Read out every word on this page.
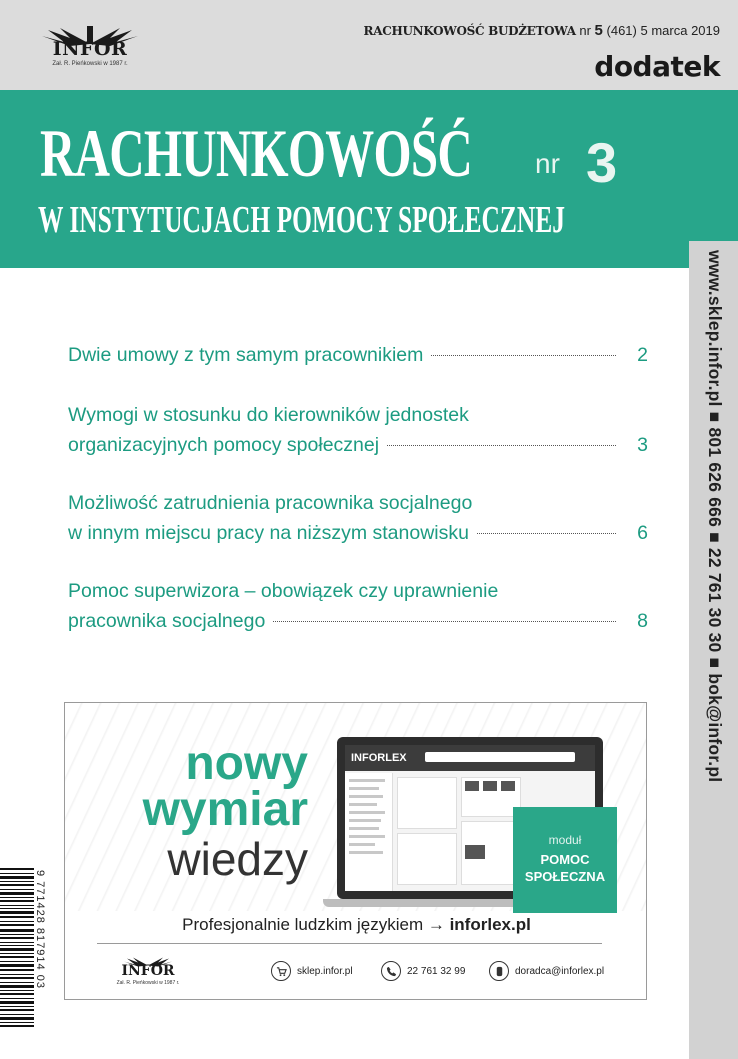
INFOR
Zał. R. Pieńkowski w 1987 r.
RACHUNKOWOŚĆ BUDŻETOWA nr 5 (461) 5 marca 2019
dodatek
RACHUNKOWOŚĆ nr 3
W INSTYTUCJACH POMOCY SPOŁECZNEJ
www.sklep.infor.pl ■ 801 626 666 ■ 22 761 30 30 ■ bok@infor.pl
Dwie umowy z tym samym pracownikiem	2
Wymogi w stosunku do kierowników jednostek
organizacyjnych pomocy społecznej	3
Możliwość zatrudnienia pracownika socjalnego
w innym miejscu pracy na niższym stanowisku	6
Pomoc superwizora – obowiązek czy uprawnienie
pracownika socjalnego	8
nowy
wymiar
wiedzy
INFORLEX
moduł
POMOC
SPOŁECZNA
Profesjonalnie ludzkim językiem → inforlex.pl
INFOR
Zał. R. Pieńkowski w 1987 r.
sklep.infor.pl	22 761 32 99	doradca@inforlex.pl
9 771428 817914 03
